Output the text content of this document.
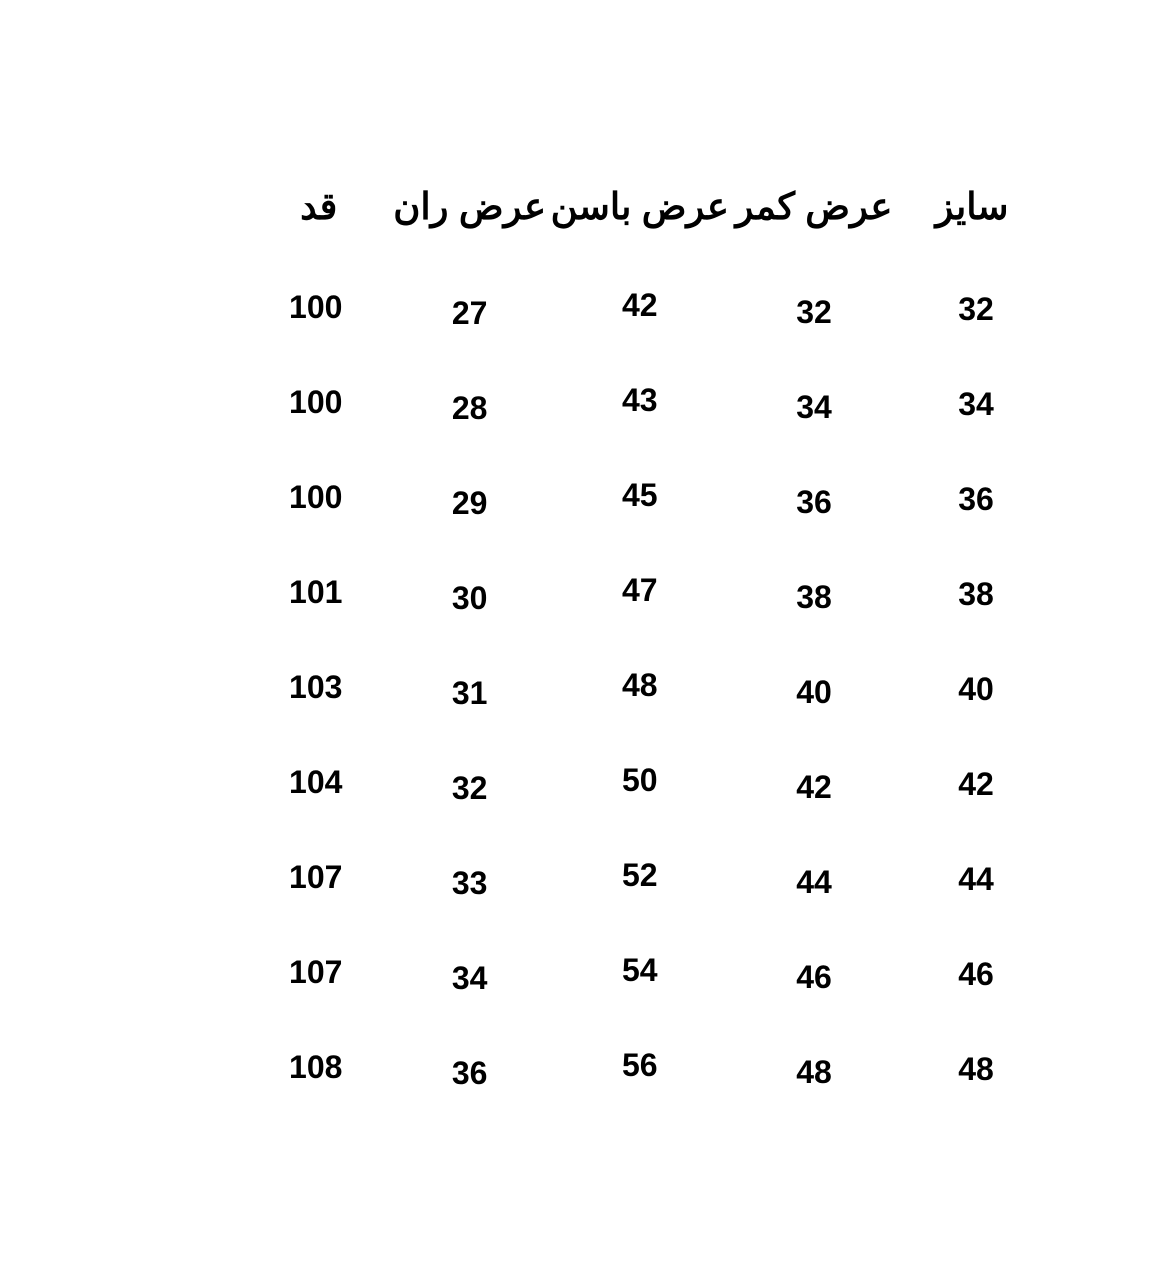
سایز	عرض کمر	عرض باسن	عرض ران	قد
32	32	42	27	100
34	34	43	28	100
36	36	45	29	100
38	38	47	30	101
40	40	48	31	103
42	42	50	32	104
44	44	52	33	107
46	46	54	34	107
48	48	56	36	108
